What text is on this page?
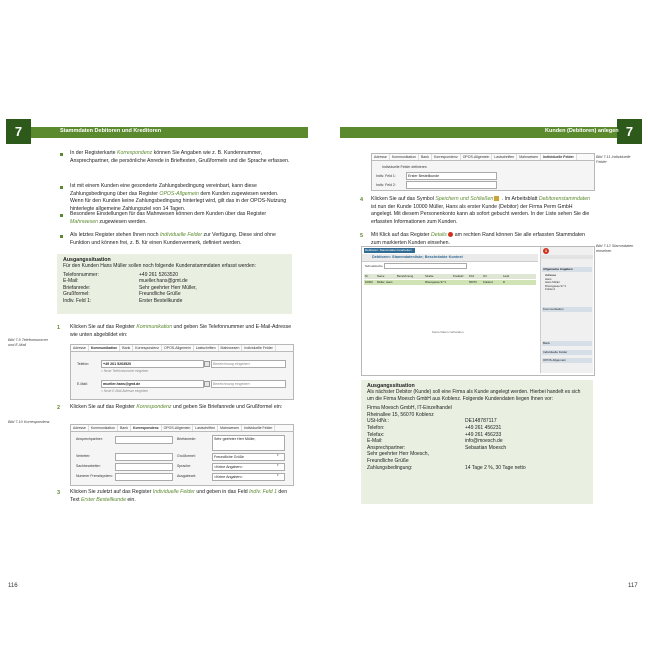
7	Stammdaten Debitoren und Kreditoren	7
Kunden (Debitoren) anlegen
In der Registerkarte Korrespondenz können Sie Angaben wie z. B. Kundennummer, Ansprechpartner, die persönliche Anrede in Brieftexten, Grußformeln und die Sprache erfassen.
Ist mit einem Kunden eine gesonderte Zahlungsbedingung vereinbart, kann diese Zahlungsbedingung über das Register OPOS-Allgemein dem Kunden zugewiesen werden. Wenn für den Kunden keine Zahlungsbedingung hinterlegt wird, gilt das in der OPOS-Nutzung hinterlegte allgemeine Zahlungsziel von 14 Tagen.
Besondere Einstellungen für das Mahnwesen können dem Kunden über das Register Mahnwesen zugewiesen werden.
Als letztes Register stehen Ihnen noch Individuelle Felder zur Verfügung. Diese sind ohne Funktion und können frei, z. B. für einen Kundenvermerk, definiert werden.
Ausgangssituation
Für den Kunden Hans Müller sollen noch folgende Kundenstammdaten erfasst werden:
Telefonnummer:	+49 261 5263520
E-Mail:	mueller.hans@gmt.de
Briefanrede:	Sehr geehrter Herr Müller,
Grußformel:	Freundliche Grüße
Indiv. Feld 1:	Erster Bestellkunde
1 Klicken Sie auf das Register Kommunikation und geben Sie Telefonnummer und E-Mail-Adresse wie unten abgebildet ein:
Bild 7.9 Telefonnummer und E-Mail
Adresse	Kommunikation	Bank	Korrespondenz	OPOS-Allgemein	Lastschriften	Mahnwesen	Individuelle Felder
Telefon:	+49 261 5263520	Bezeichnung eingeben
< Neue Telefonnummer eingeben
E-Mail:	mueller.hans@gmt.de	Bezeichnung eingeben
< Neue E-Mail-Adresse eingeben
2 Klicken Sie auf das Register Korrespondenz und geben Sie Briefanrede und Grußformel ein:
Bild 7.10 Korrespondenz
Adresse	Kommunikation	Bank	Korrespondenz	OPOS-Allgemein	Lastschriften	Mahnwesen	Individuelle Felder
Ansprechpartner:
Vertreter:
Sachbearbeiter:
Nummer Fremdsystem:
Briefanrede:	Sehr geehrter Herr Müller,
Grußformel:	Freundliche Grüße	▾
Sprache:	<Keine Angaben>	▾
Ausgabeart:	<Keine Angaben>	▾
3 Klicken Sie zuletzt auf das Register Individuelle Felder und geben in das Feld Indiv. Feld 1 den Text Erster Bestellkunde ein.
116
Bild 7.11 Individuelle Felder
Adresse	Kommunikation	Bank	Korrespondenz	OPOS-Allgemein	Lastschriften	Mahnwesen	Individuelle Felder
Individuelle Felder definieren
Indiv. Feld 1:	Erster Bestellkunde
Indiv. Feld 2:
4 Klicken Sie auf das Symbol Speichern und Schließen . Im Arbeitsblatt Debitorenstammdaten ist nun der Kunde 10000 Müller, Hans als erster Kunde (Debitor) der Firma Perm GmbH angelegt. Mit diesem Personenkonto kann ab sofort gebucht werden. In der Liste sehen Sie die erfassten Informationen zum Kunden.
5 Mit Klick auf das Register Details  am rechten Rand können Sie alle erfassten Stammdaten zum markierten Kunden einsehen.
Bild 7.12 Stammdaten einsehen
Debitoren: Stammdaten bearbeiten
Debitoren: Stammdatenliste; Beschränkte Kontext
Schnellsuche
Nr.	Name	Bezeichnung	Straße	Postleitz.	PLZ	Ort	Land
10000	Müller, Hans	Rheingasse 97 3	56070	Koblenz	D
Keine Daten vorhanden
1
Allgemeine Angaben
Adresse
Hans
Hans Müller
Rheingasse 97 3
Koblenz
Kommunikation
Bank
Individuelle Felder
OPOS-Allgemein
Ausgangssituation
Als nächster Debitor (Kunde) soll eine Firma als Kunde angelegt werden. Hierbei handelt es sich um die Firma Moesch GmbH aus Koblenz. Folgende Kundendaten liegen Ihnen vor:
Firma Moesch GmbH, IT-Einzelhandel
Rheinallee 15, 56070 Koblenz
USt-IdNr.:	DE148787117
Telefon:	+49 261 456231
Telefax:	+49 261 456233
E-Mail:	info@moesch.de
Ansprechpartner:	Sebastian Moesch
Sehr geehrter Herr Moesch,
Freundliche Grüße
Zahlungsbedingung:	14 Tage 2 %, 30 Tage netto
117
